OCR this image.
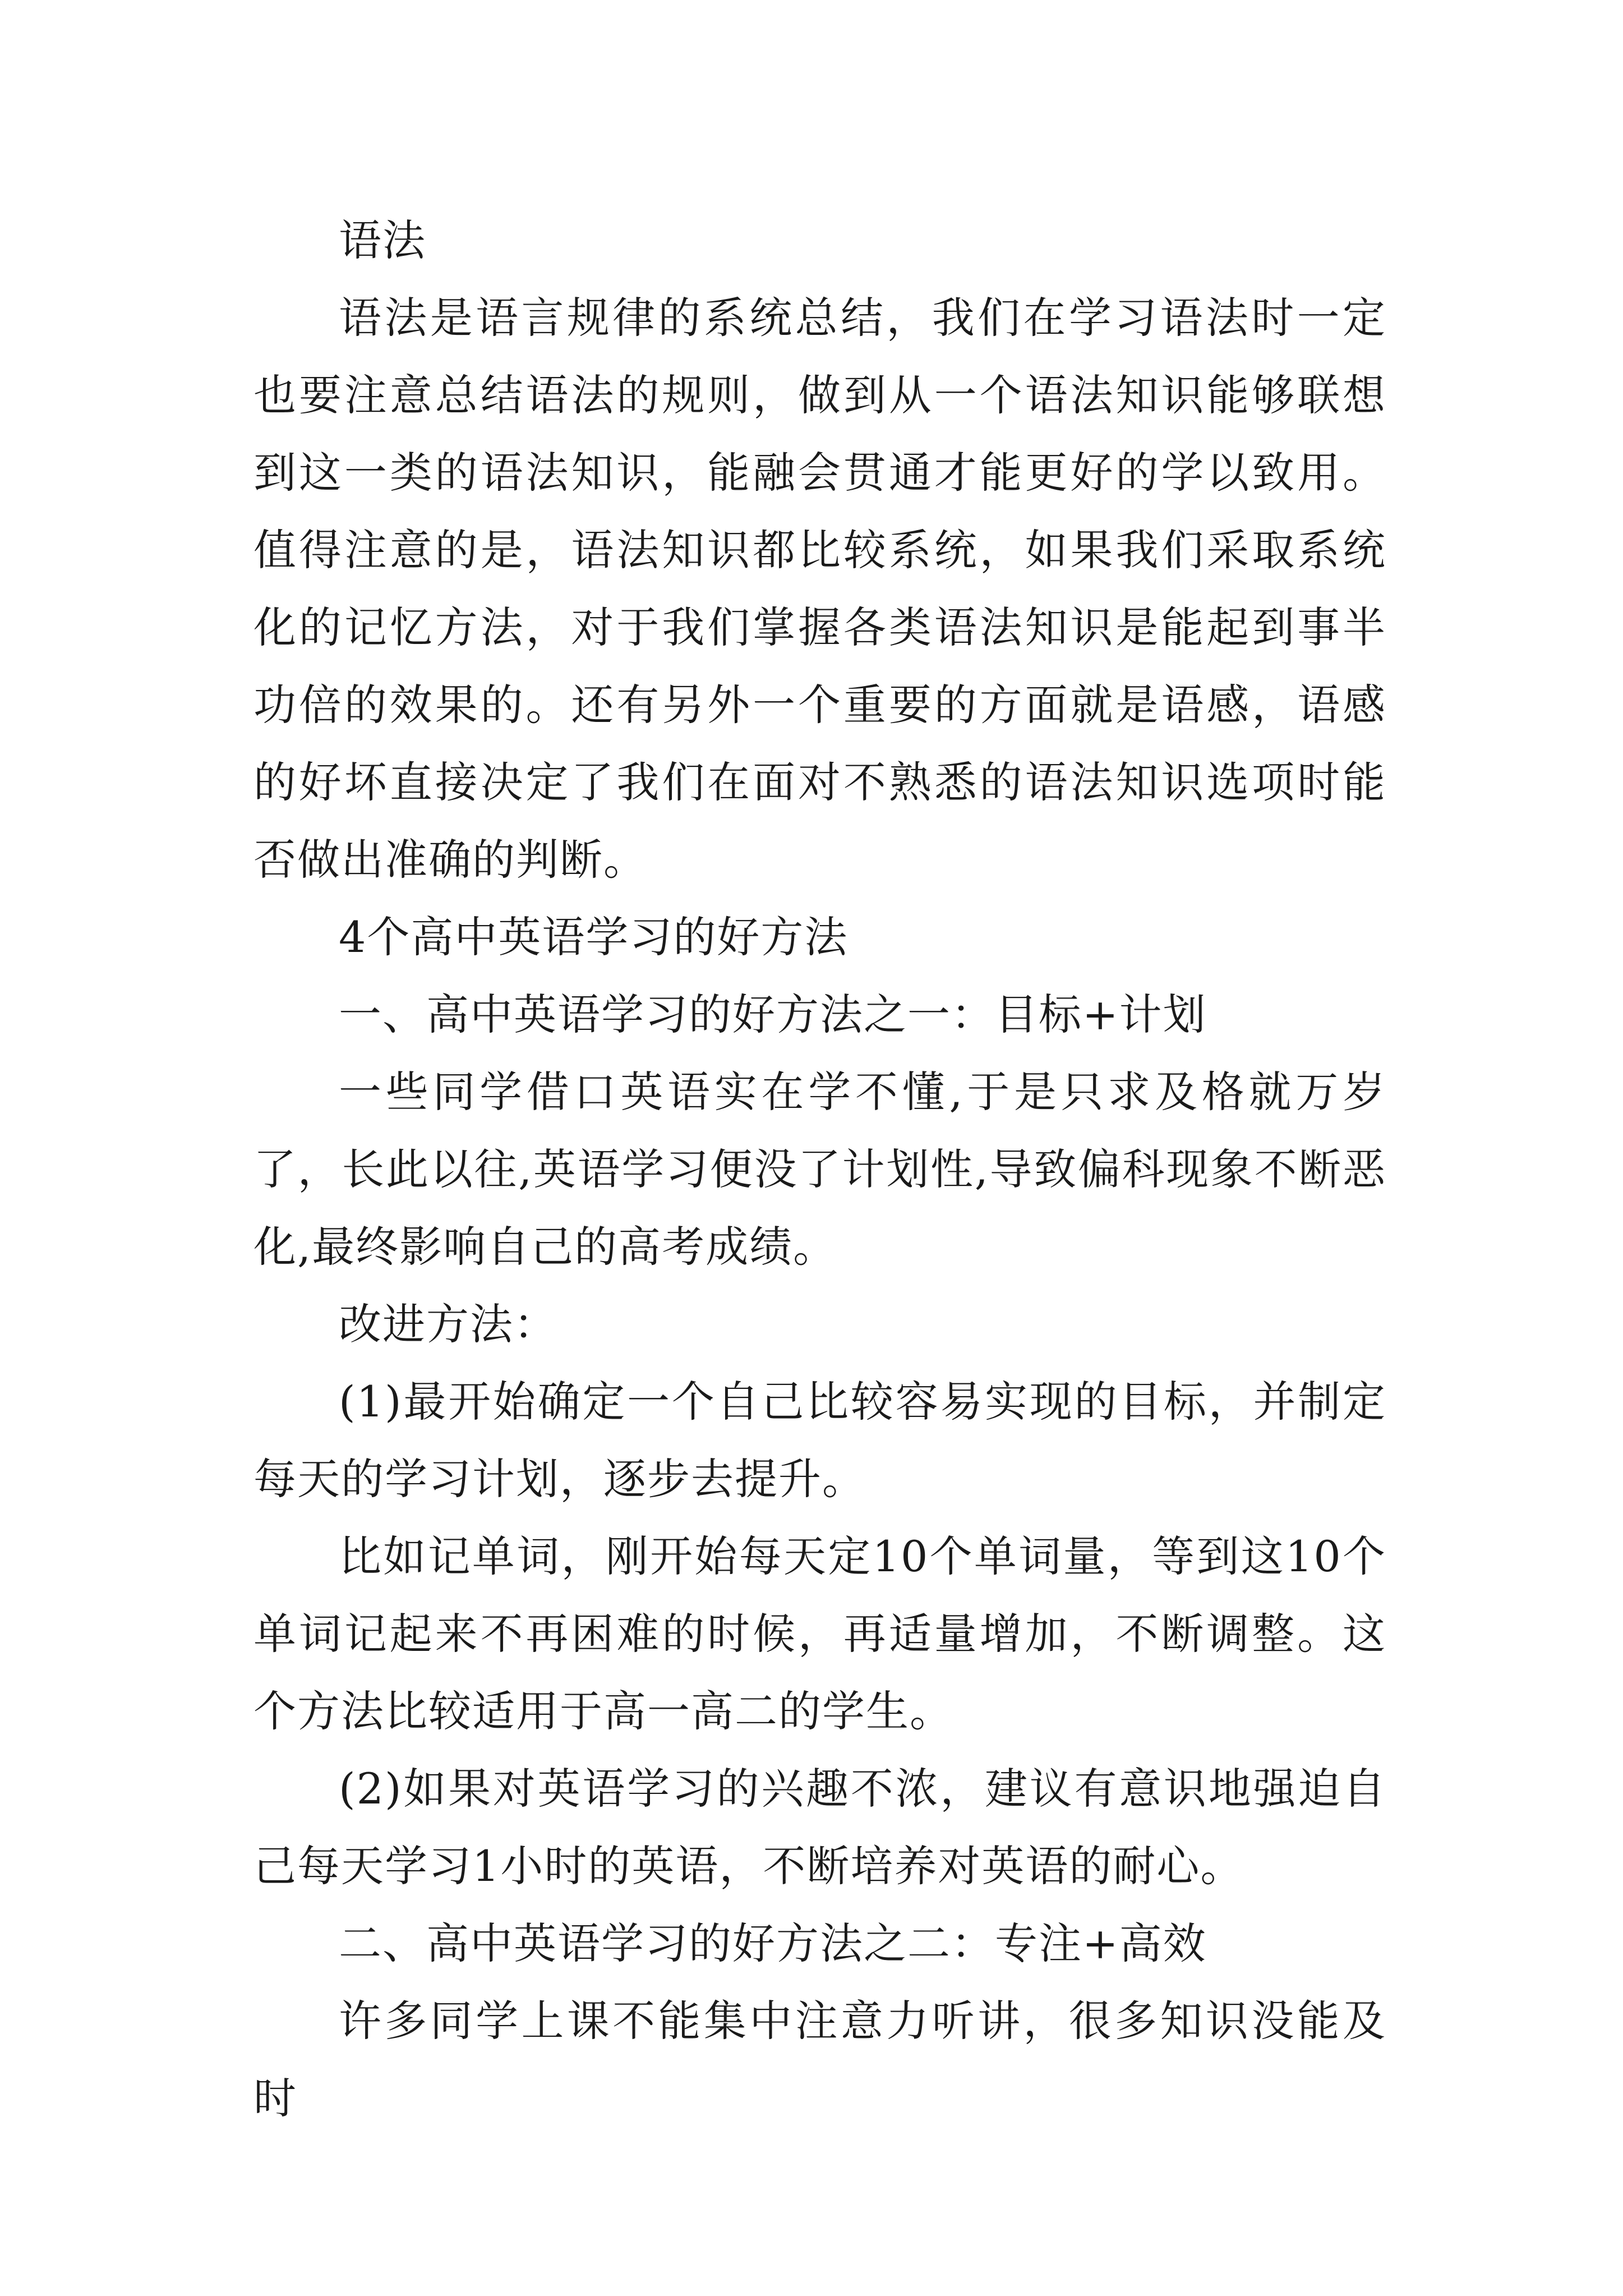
语法

语法是语言规律的系统总结，我们在学习语法时一定也要注意总结语法的规则，做到从一个语法知识能够联想到这一类的语法知识，能融会贯通才能更好的学以致用。值得注意的是，语法知识都比较系统，如果我们采取系统化的记忆方法，对于我们掌握各类语法知识是能起到事半功倍的效果的。还有另外一个重要的方面就是语感，语感的好坏直接决定了我们在面对不熟悉的语法知识选项时能否做出准确的判断。

4个高中英语学习的好方法

一、高中英语学习的好方法之一：目标+计划

一些同学借口英语实在学不懂,于是只求及格就万岁了，长此以往,英语学习便没了计划性,导致偏科现象不断恶化,最终影响自己的高考成绩。

改进方法：

(1)最开始确定一个自己比较容易实现的目标，并制定每天的学习计划，逐步去提升。

比如记单词，刚开始每天定10个单词量，等到这10个单词记起来不再困难的时候，再适量增加，不断调整。这个方法比较适用于高一高二的学生。

(2)如果对英语学习的兴趣不浓，建议有意识地强迫自己每天学习1小时的英语，不断培养对英语的耐心。

二、高中英语学习的好方法之二：专注+高效

许多同学上课不能集中注意力听讲，很多知识没能及时
